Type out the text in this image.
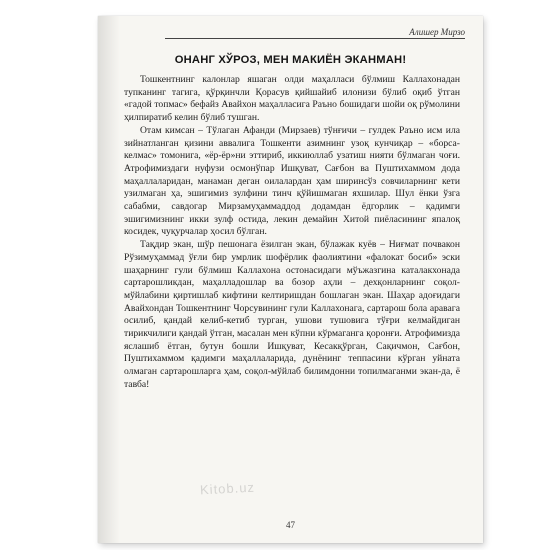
Алишер Мирзо
ОНАНГ ХЎРОЗ, МЕН МАКИЁН ЭКАНМАН!

Тошкентнинг калонлар яшаган олди маҳалласи бўлмиш Каллахонадан тупканинг тагига, қўрқинчли Қорасув қийшайиб илонизи бўлиб оқиб ўтган «гадой топмас» бефайз Авайхон маҳалласига Раъно бошидаги шойи оқ рўмолини ҳилпиратиб келин бўлиб тушган.

Отам кимсан – Тўлаган Афанди (Мирзаев) тўнғичи – гулдек Раъно исм ила зийнатланган қизини аввалига Тошкенти азимнинг узоқ кунчиқар – «борса-келмас» томонига, «ёр-ёр»ни эттириб, иккиюллаб узатиш нияти бўлмаган чоғи. Атрофимиздаги нуфузи осмонўпар Ишқуват, Сағбон ва Пуштихаммом дода маҳаллаларидан, манаман деган оилалардан ҳам ширинсўз совчиларнинг кети узилмаган ҳа, эшигимиз зулфини тинч қўйишмаган яхшилар. Шул ёнки ўзга сабабми, савдогар Мирзамуҳаммаддод додамдан ёдгорлик – қадимги эшигимизнинг икки зулф остида, лекин демайин Хитой пиёласининг япалоқ косидек, чуқурчалар ҳосил бўлган.

Тақдир экан, шўр пешонага ёзилган экан, бўлажак куёв – Ниғмат почвакон Рўзимуҳаммад ўғли бир умрлик шофёрлик фаолиятини «фалокат босиб» эски шаҳарнинг гули бўлмиш Каллахона остонасидаги мўъжазгина каталакхонада сартарошликдан, маҳалладошлар ва бозор аҳли – дехқонларнинг соқол-мўйлабини қиртишлаб кифтини келтиришдан бошлаган экан. Шаҳар адоғидаги Авайхондан Тошкентнинг Чорсувининг гули Каллахонага, сартарош бола аравага осилиб, қандай келиб-кетиб турган, ушови тушовига тўғри келмайдиган тирикчилиги қандай ўтган, масалан мен кўпни кўрмаганга қоронғи. Атрофимизда яслашиб ётган, бутун бошли Ишқуват, Кесакқўрган, Сақичмон, Сағбон, Пуштихаммом қадимги маҳаллаларида, дунёнинг теппасини кўрган уйната олмаган сартарошларга ҳам, соқол-мўйлаб билимдонни топилмаганми экан-да, ё тавба!

Kitob.uz
47
